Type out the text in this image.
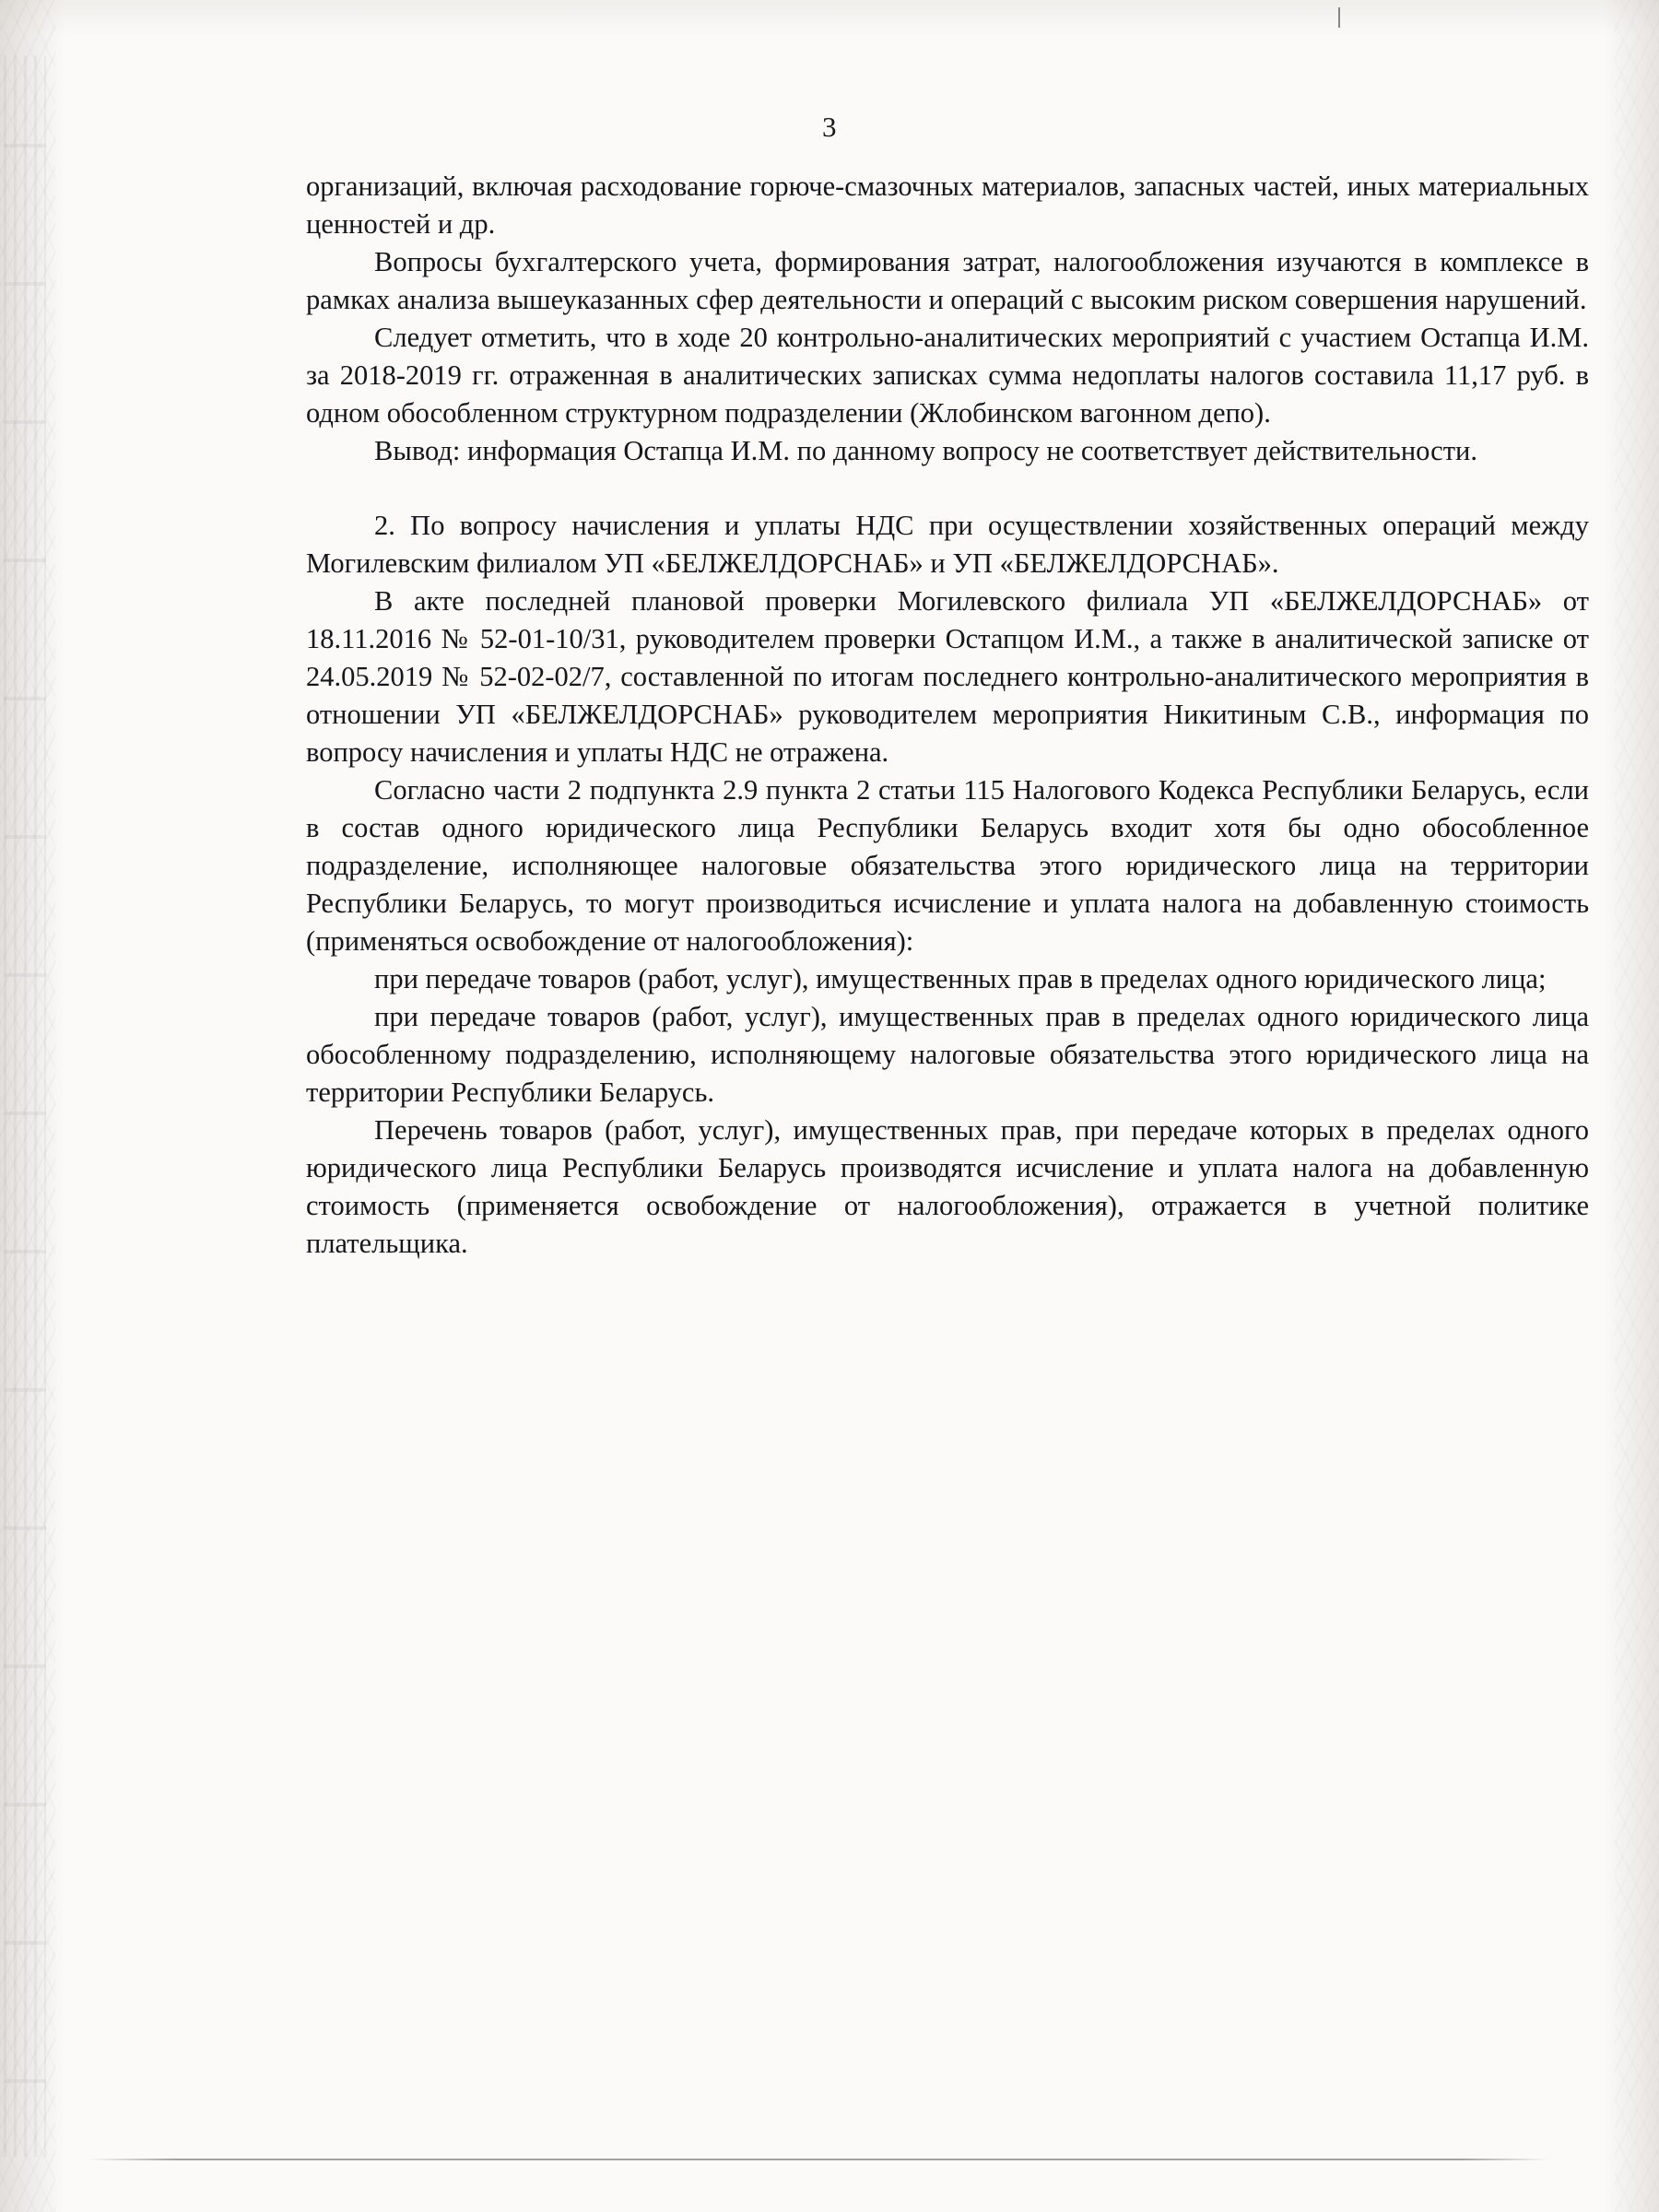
3

организаций, включая расходование горюче-смазочных материалов, запасных частей, иных материальных ценностей и др.

Вопросы бухгалтерского учета, формирования затрат, налогообложения изучаются в комплексе в рамках анализа вышеуказанных сфер деятельности и операций с высоким риском совершения нарушений.

Следует отметить, что в ходе 20 контрольно-аналитических мероприятий с участием Остапца И.М. за 2018-2019 гг. отраженная в аналитических записках сумма недоплаты налогов составила 11,17 руб. в одном обособленном структурном подразделении (Жлобинском вагонном депо).

Вывод: информация Остапца И.М. по данному вопросу не соответствует действительности.

2. По вопросу начисления и уплаты НДС при осуществлении хозяйственных операций между Могилевским филиалом УП «БЕЛЖЕЛДОРСНАБ» и УП «БЕЛЖЕЛДОРСНАБ».

В акте последней плановой проверки Могилевского филиала УП «БЕЛЖЕЛДОРСНАБ» от 18.11.2016 № 52-01-10/31, руководителем проверки Остапцом И.М., а также в аналитической записке от 24.05.2019 № 52-02-02/7, составленной по итогам последнего контрольно-аналитического мероприятия в отношении УП «БЕЛЖЕЛДОРСНАБ» руководителем мероприятия Никитиным С.В., информация по вопросу начисления и уплаты НДС не отражена.

Согласно части 2 подпункта 2.9 пункта 2 статьи 115 Налогового Кодекса Республики Беларусь, если в состав одного юридического лица Республики Беларусь входит хотя бы одно обособленное подразделение, исполняющее налоговые обязательства этого юридического лица на территории Республики Беларусь, то могут производиться исчисление и уплата налога на добавленную стоимость (применяться освобождение от налогообложения):

при передаче товаров (работ, услуг), имущественных прав в пределах одного юридического лица;

при передаче товаров (работ, услуг), имущественных прав в пределах одного юридического лица обособленному подразделению, исполняющему налоговые обязательства этого юридического лица на территории Республики Беларусь.

Перечень товаров (работ, услуг), имущественных прав, при передаче которых в пределах одного юридического лица Республики Беларусь производятся исчисление и уплата налога на добавленную стоимость (применяется освобождение от налогообложения), отражается в учетной политике плательщика.
